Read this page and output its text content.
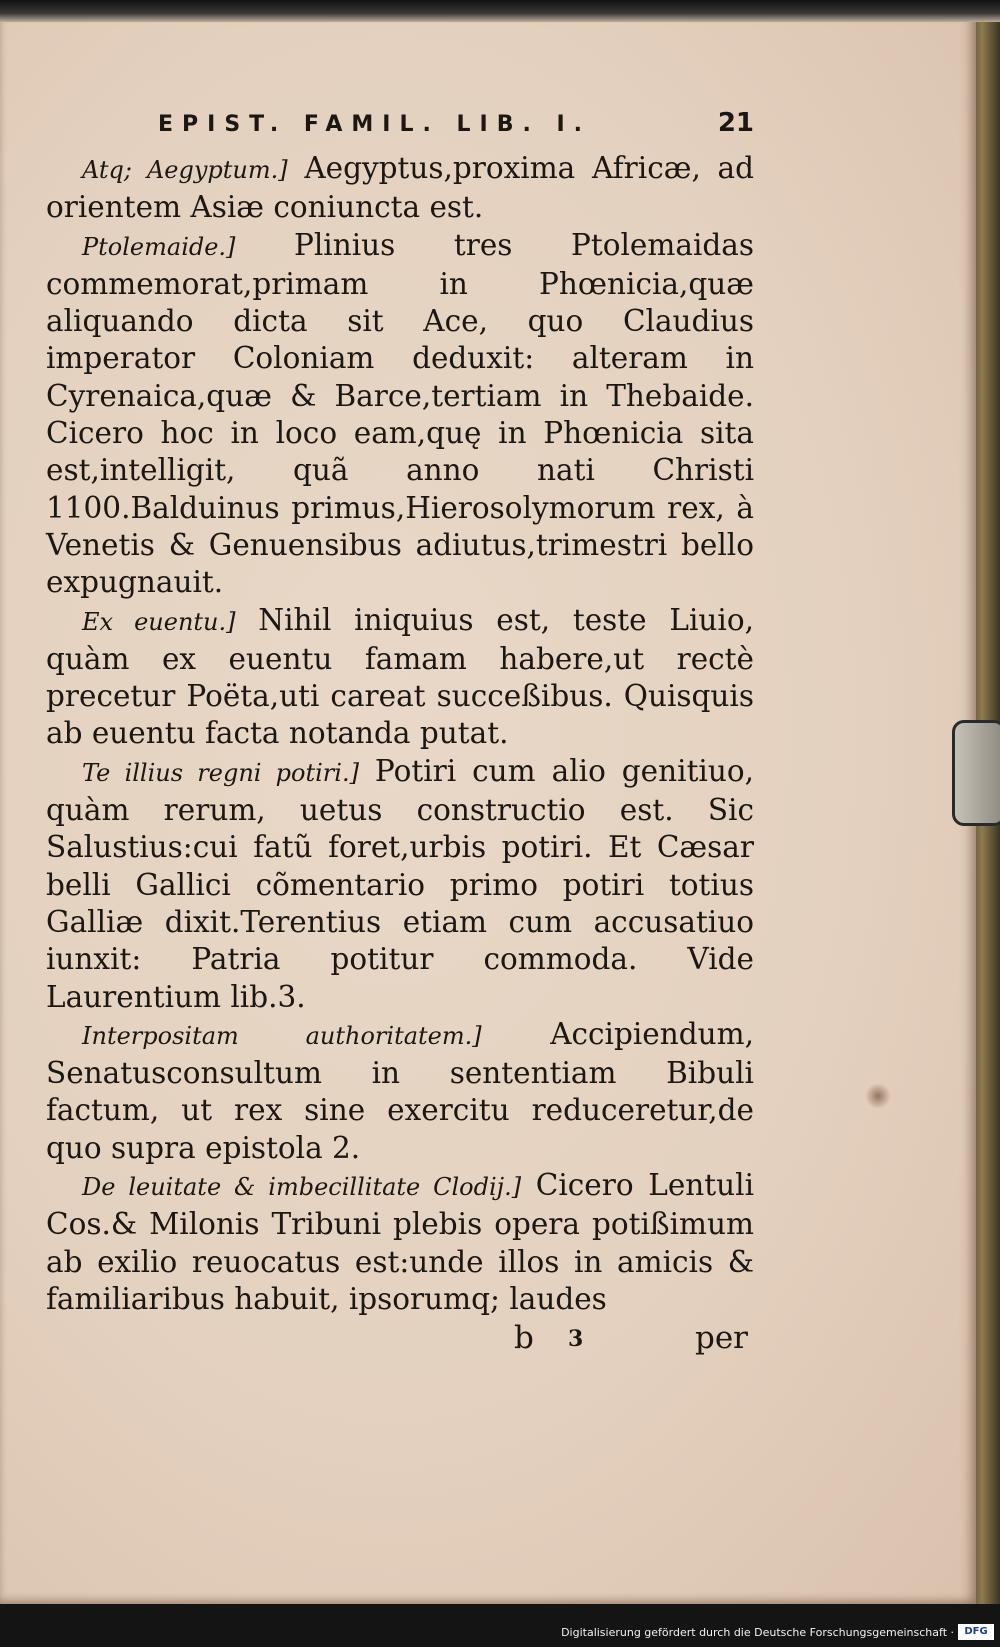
EPIST. FAMIL. LIB. I.	21

Atq; Aegyptum.] Aegyptus,proxima Africæ, ad orientem Asiæ coniuncta est.

Ptolemaide.] Plinius tres Ptolemaidas commemorat,primam in Phœnicia,quæ aliquando dicta sit Ace, quo Claudius imperator Coloniam deduxit: alteram in Cyrenaica,quæ & Barce,tertiam in Thebaide. Cicero hoc in loco eam,quę in Phœnicia sita est,intelligit, quã anno nati Christi 1100.Balduinus primus,Hierosolymorum rex, à Venetis & Genuensibus adiutus,trimestri bello expugnauit.

Ex euentu.] Nihil iniquius est, teste Liuio, quàm ex euentu famam habere,ut rectè precetur Poëta,uti careat succeßibus. Quisquis ab euentu facta notanda putat.

Te illius regni potiri.] Potiri cum alio genitiuo, quàm rerum, uetus constructio est. Sic Salustius:cui fatũ foret,urbis potiri. Et Cæsar belli Gallici cõmentario primo potiri totius Galliæ dixit.Terentius etiam cum accusatiuo iunxit: Patria potitur commoda. Vide Laurentium lib.3.

Interpositam authoritatem.] Accipiendum, Senatusconsultum in sententiam Bibuli factum, ut rex sine exercitu reduceretur,de quo supra epistola 2.

De leuitate & imbecillitate Clodij.] Cicero Lentuli Cos.& Milonis Tribuni plebis opera potißimum ab exilio reuocatus est:unde illos in amicis & familiaribus habuit, ipsorumq; laudes

b 3	per
Digitalisierung gefördert durch die Deutsche Forschungsgemeinschaft ·	DFG
